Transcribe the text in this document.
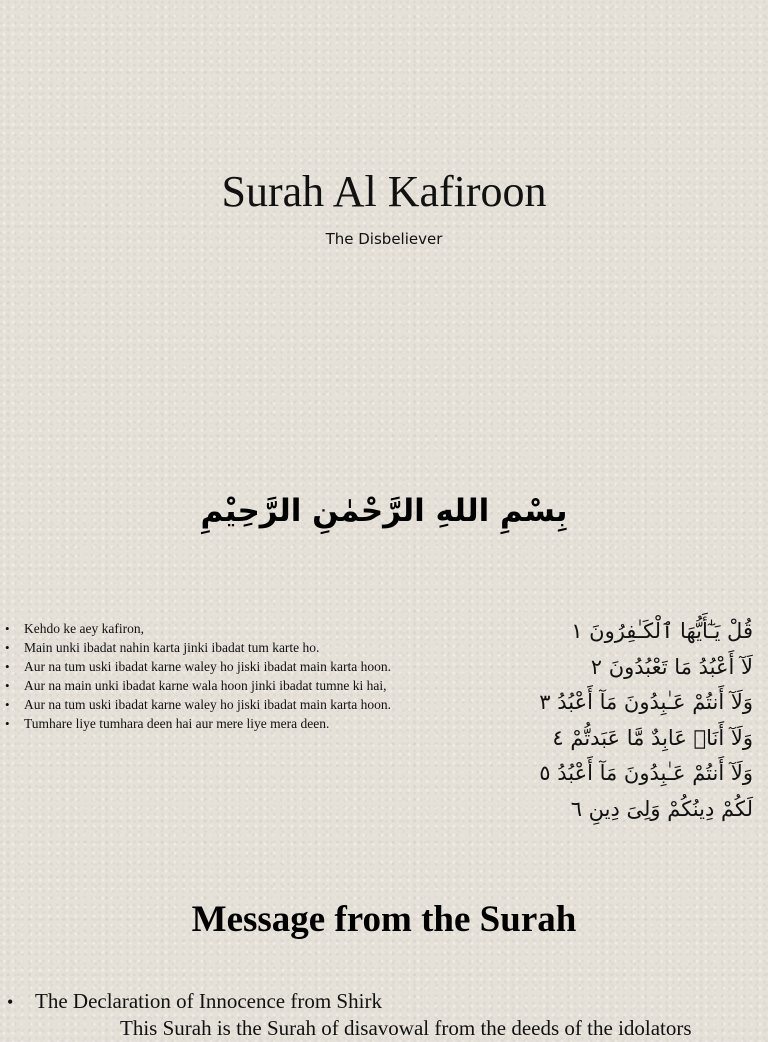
Surah Al Kafiroon
The Disbeliever
بِسْمِ اللهِ الرَّحْمٰنِ الرَّحِيْمِ
• Kehdo ke aey kafiron,
• Main unki ibadat nahin karta jinki ibadat tum karte ho.
• Aur na tum uski ibadat karne waley ho jiski ibadat main karta hoon.
• Aur na main unki ibadat karne wala hoon jinki ibadat tumne ki hai,
• Aur na tum uski ibadat karne waley ho jiski ibadat main karta hoon.
• Tumhare liye tumhara deen hai aur mere liye mera deen.
قُلْ يَـٰٓأَيُّهَا ٱلْكَـٰفِرُونَ ١
لَآ أَعْبُدُ مَا تَعْبُدُونَ ٢
وَلَآ أَنتُمْ عَـٰبِدُونَ مَآ أَعْبُدُ ٣
وَلَآ أَنَا۠ عَابِدٌ مَّا عَبَدتُّمْ ٤
وَلَآ أَنتُمْ عَـٰبِدُونَ مَآ أَعْبُدُ ٥
لَكُمْ دِينُكُمْ وَلِىَ دِينِ ٦
Message from the Surah
• The Declaration of Innocence from Shirk
This Surah is the Surah of disavowal from the deeds of the idolators
